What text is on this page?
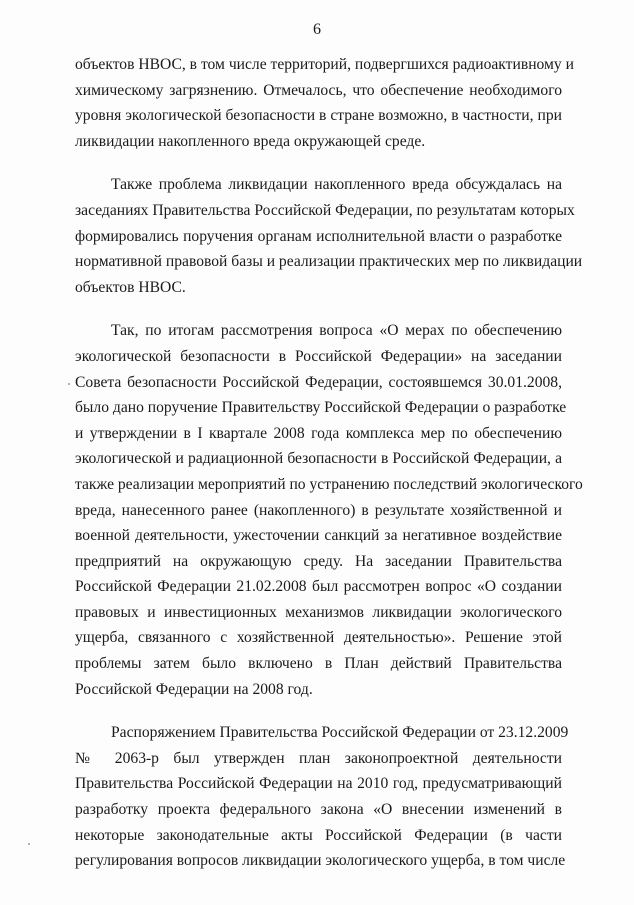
6

объектов НВОС, в том числе территорий, подвергшихся радиоактивному и
химическому загрязнению. Отмечалось, что обеспечение необходимого
уровня экологической безопасности в стране возможно, в частности, при
ликвидации накопленного вреда окружающей среде.

Также проблема ликвидации накопленного вреда обсуждалась на
заседаниях Правительства Российской Федерации, по результатам которых
формировались поручения органам исполнительной власти о разработке
нормативной правовой базы и реализации практических мер по ликвидации
объектов НВОС.

Так, по итогам рассмотрения вопроса «О мерах по обеспечению
экологической безопасности в Российской Федерации» на заседании
Совета безопасности Российской Федерации, состоявшемся 30.01.2008,
было дано поручение Правительству Российской Федерации о разработке
и утверждении в I квартале 2008 года комплекса мер по обеспечению
экологической и радиационной безопасности в Российской Федерации, а
также реализации мероприятий по устранению последствий экологического
вреда, нанесенного ранее (накопленного) в результате хозяйственной и
военной деятельности, ужесточении санкций за негативное воздействие
предприятий на окружающую среду. На заседании Правительства
Российской Федерации 21.02.2008 был рассмотрен вопрос «О создании
правовых и инвестиционных механизмов ликвидации экологического
ущерба, связанного с хозяйственной деятельностью». Решение этой
проблемы затем было включено в План действий Правительства
Российской Федерации на 2008 год.

Распоряжением Правительства Российской Федерации от 23.12.2009
№ 2063-р был утвержден план законопроектной деятельности
Правительства Российской Федерации на 2010 год, предусматривающий
разработку проекта федерального закона «О внесении изменений в
некоторые законодательные акты Российской Федерации (в части
регулирования вопросов ликвидации экологического ущерба, в том числе
